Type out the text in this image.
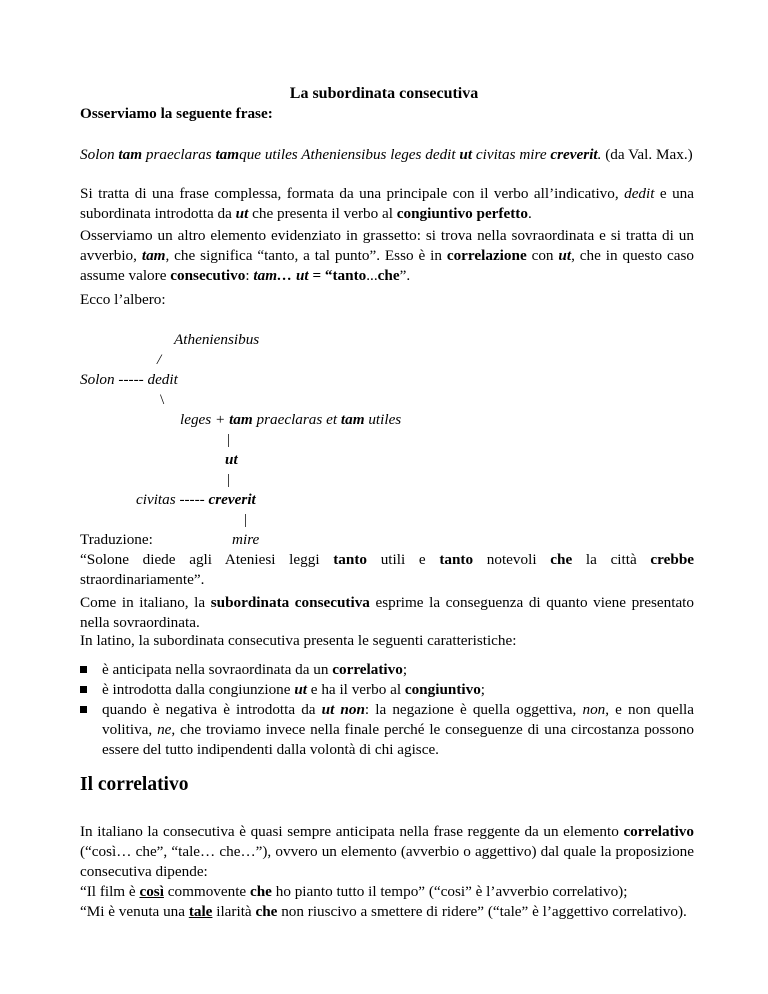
La subordinata consecutiva
Osserviamo la seguente frase:
Solon tam praeclaras tamque utiles Atheniensibus leges dedit ut civitas mire creverit. (da Val. Max.)
Si tratta di una frase complessa, formata da una principale con il verbo all’indicativo, dedit e una subordinata introdotta da ut che presenta il verbo al congiuntivo perfetto.
Osserviamo un altro elemento evidenziato in grassetto: si trova nella sovraordinata e si tratta di un avverbio, tam, che significa “tanto, a tal punto”. Esso è in correlazione con ut, che in questo caso assume valore consecutivo: tam… ut = “tanto...che”.
Ecco l’albero:
Atheniensibus
/
Solon ----- dedit
\
leges + tam praeclaras et tam utiles
|
ut
|
civitas ----- creverit
|
mire
Traduzione:
“Solone diede agli Ateniesi leggi tanto utili e tanto notevoli che la città crebbe
straordinariamente”.
Come in italiano, la subordinata consecutiva esprime la conseguenza di quanto viene presentato nella sovraordinata.
In latino, la subordinata consecutiva presenta le seguenti caratteristiche:
è anticipata nella sovraordinata da un correlativo;
è introdotta dalla congiunzione ut e ha il verbo al congiuntivo;
quando è negativa è introdotta da ut non: la negazione è quella oggettiva, non, e non quella volitiva, ne, che troviamo invece nella finale perché le conseguenze di una circostanza possono essere del tutto indipendenti dalla volontà di chi agisce.
Il correlativo
In italiano la consecutiva è quasi sempre anticipata nella frase reggente da un elemento correlativo (“così… che”, “tale… che…”), ovvero un elemento (avverbio o aggettivo) dal quale la proposizione consecutiva dipende:
“Il film è così commovente che ho pianto tutto il tempo” (“cosi” è l’avverbio correlativo);
“Mi è venuta una tale ilarità che non riuscivo a smettere di ridere” (“tale” è l’aggettivo correlativo).
